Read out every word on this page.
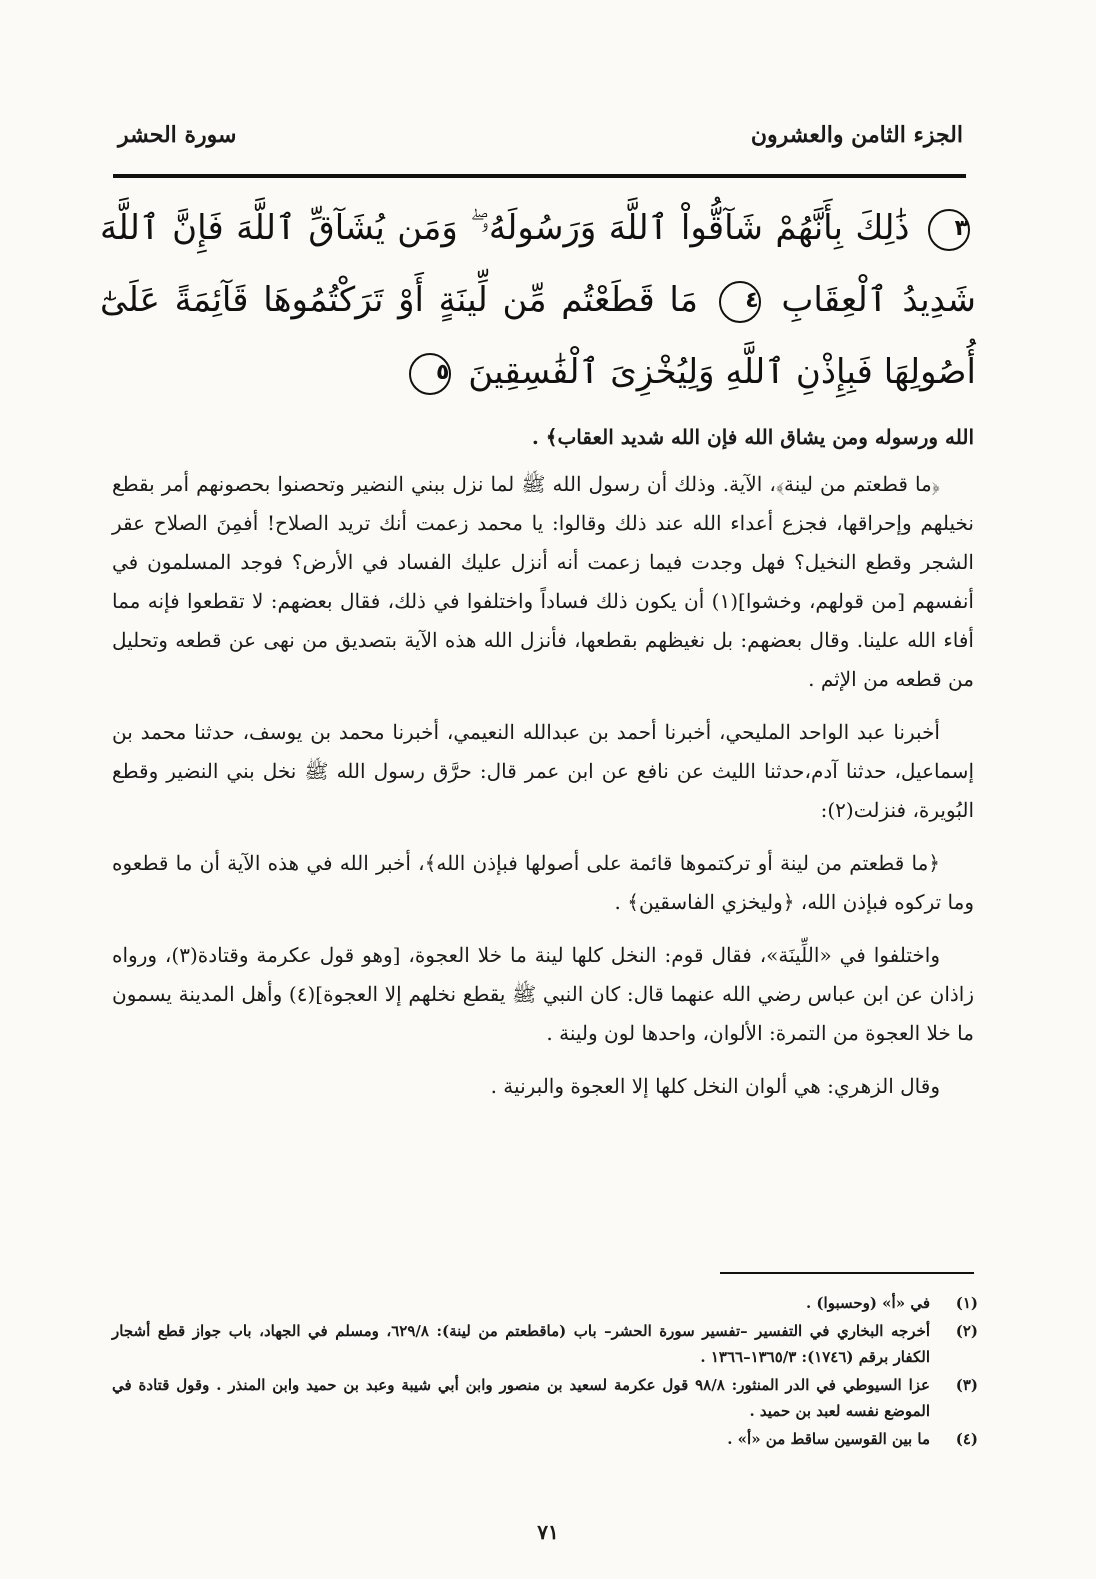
الجزء الثامن والعشرون
سورة الحشر
٣ ذَٰلِكَ بِأَنَّهُمْ شَآقُّواْ ٱللَّهَ وَرَسُولَهُۥ ۖ وَمَن يُشَآقِّ ٱللَّهَ فَإِنَّ ٱللَّهَ شَدِيدُ ٱلْعِقَابِ ٤ مَا قَطَعْتُم مِّن لِّينَةٍ أَوْ تَرَكْتُمُوهَا قَآئِمَةً عَلَىٰٓ أُصُولِهَا فَبِإِذْنِ ٱللَّهِ وَلِيُخْزِىَ ٱلْفَٰسِقِينَ ٥

الله ورسوله ومن يشاق الله فإن الله شديد العقاب﴾ .

﴿ما قطعتم من لينة﴾، الآية. وذلك أن رسول الله ﷺ لما نزل ببني النضير وتحصنوا بحصونهم أمر بقطع نخيلهم وإحراقها، فجزع أعداء الله عند ذلك وقالوا: يا محمد زعمت أنك تريد الصلاح! أفمِنَ الصلاح عقر الشجر وقطع النخيل؟ فهل وجدت فيما زعمت أنه أنزل عليك الفساد في الأرض؟ فوجد المسلمون في أنفسهم [من قولهم، وخشوا](١) أن يكون ذلك فساداً واختلفوا في ذلك، فقال بعضهم: لا تقطعوا فإنه مما أفاء الله علينا. وقال بعضهم: بل نغيظهم بقطعها، فأنزل الله هذه الآية بتصديق من نهى عن قطعه وتحليل من قطعه من الإثم .

أخبرنا عبد الواحد المليحي، أخبرنا أحمد بن عبدالله النعيمي، أخبرنا محمد بن يوسف، حدثنا محمد بن إسماعيل، حدثنا آدم،حدثنا الليث عن نافع عن ابن عمر قال: حرَّق رسول الله ﷺ نخل بني النضير وقطع البُويرة، فنزلت(٢):

﴿ما قطعتم من لينة أو تركتموها قائمة على أصولها فبإذن الله﴾، أخبر الله في هذه الآية أن ما قطعوه وما تركوه فبإذن الله، ﴿وليخزي الفاسقين﴾ .

واختلفوا في «اللِّينَة»، فقال قوم: النخل كلها لينة ما خلا العجوة، [وهو قول عكرمة وقتادة(٣)، ورواه زاذان عن ابن عباس رضي الله عنهما قال: كان النبي ﷺ يقطع نخلهم إلا العجوة](٤) وأهل المدينة يسمون ما خلا العجوة من التمرة: الألوان، واحدها لون ولينة .

وقال الزهري: هي ألوان النخل كلها إلا العجوة والبرنية .

(١)
في «أ» (وحسبوا) .
(٢)
أخرجه البخاري في التفسير –تفسير سورة الحشر– باب (ماقطعتم من لينة): ٦٢٩/٨، ومسلم في الجهاد، باب جواز قطع أشجار الكفار برقم (١٧٤٦): ١٣٦٥/٣–١٣٦٦ .
(٣)
عزا السيوطي في الدر المنثور: ٩٨/٨ قول عكرمة لسعيد بن منصور وابن أبي شيبة وعبد بن حميد وابن المنذر . وقول قتادة في الموضع نفسه لعبد بن حميد .
(٤)
ما بين القوسين ساقط من «أ» .
٧١
